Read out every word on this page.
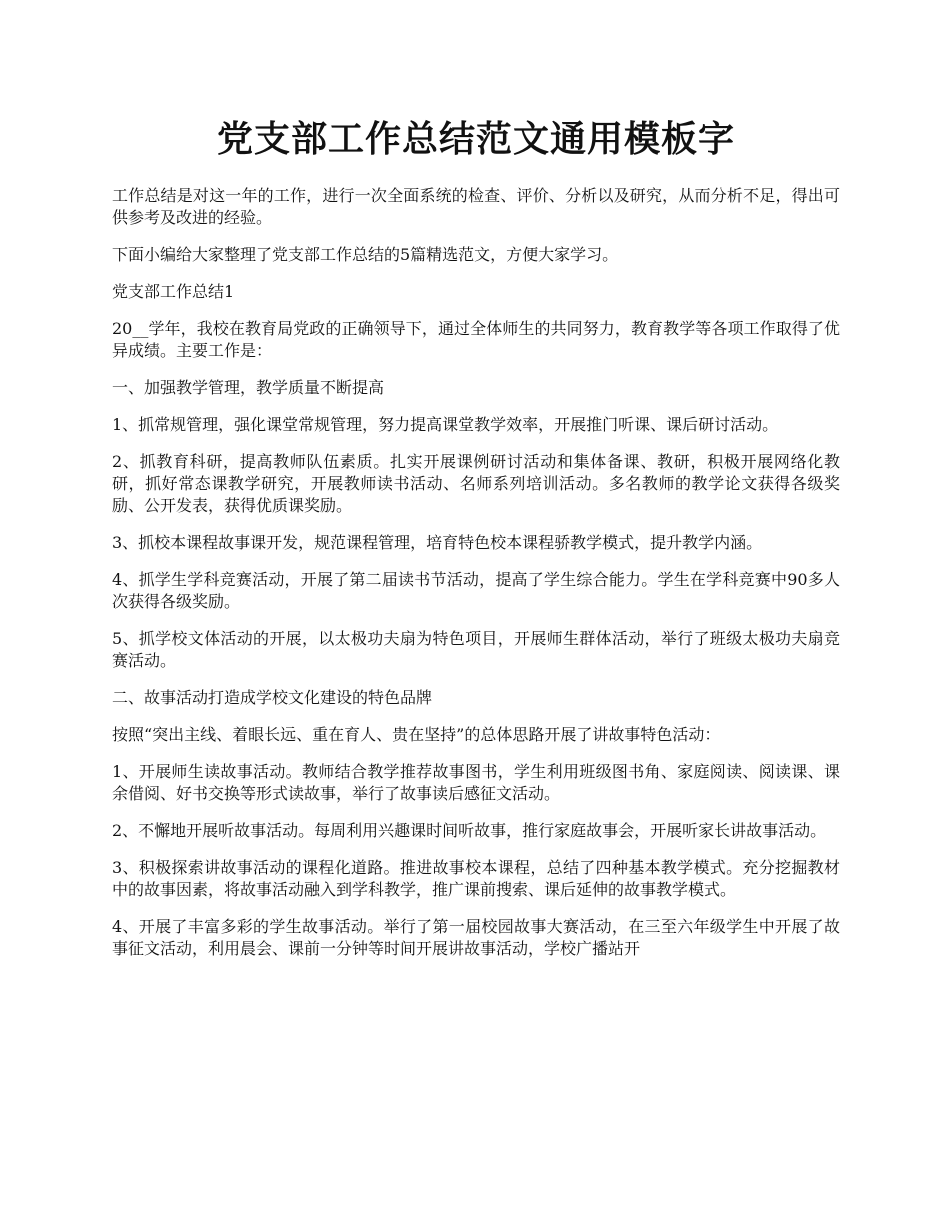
党支部工作总结范文通用模板字

工作总结是对这一年的工作，进行一次全面系统的检查、评价、分析以及研究，从而分析不足，得出可供参考及改进的经验。

下面小编给大家整理了党支部工作总结的5篇精选范文，方便大家学习。

党支部工作总结1

20__学年，我校在教育局党政的正确领导下，通过全体师生的共同努力，教育教学等各项工作取得了优异成绩。主要工作是：

一、加强教学管理，教学质量不断提高

1、抓常规管理，强化课堂常规管理，努力提高课堂教学效率，开展推门听课、课后研讨活动。

2、抓教育科研，提高教师队伍素质。扎实开展课例研讨活动和集体备课、教研，积极开展网络化教研，抓好常态课教学研究，开展教师读书活动、名师系列培训活动。多名教师的教学论文获得各级奖励、公开发表，获得优质课奖励。

3、抓校本课程故事课开发，规范课程管理，培育特色校本课程骄教学模式，提升教学内涵。

4、抓学生学科竞赛活动，开展了第二届读书节活动，提高了学生综合能力。学生在学科竞赛中90多人次获得各级奖励。

5、抓学校文体活动的开展，以太极功夫扇为特色项目，开展师生群体活动，举行了班级太极功夫扇竞赛活动。

二、故事活动打造成学校文化建设的特色品牌

按照“突出主线、着眼长远、重在育人、贵在坚持”的总体思路开展了讲故事特色活动：

1、开展师生读故事活动。教师结合教学推荐故事图书，学生利用班级图书角、家庭阅读、阅读课、课余借阅、好书交换等形式读故事，举行了故事读后感征文活动。

2、不懈地开展听故事活动。每周利用兴趣课时间听故事，推行家庭故事会，开展听家长讲故事活动。

3、积极探索讲故事活动的课程化道路。推进故事校本课程，总结了四种基本教学模式。充分挖掘教材中的故事因素，将故事活动融入到学科教学，推广课前搜索、课后延伸的故事教学模式。

4、开展了丰富多彩的学生故事活动。举行了第一届校园故事大赛活动，在三至六年级学生中开展了故事征文活动，利用晨会、课前一分钟等时间开展讲故事活动，学校广播站开
